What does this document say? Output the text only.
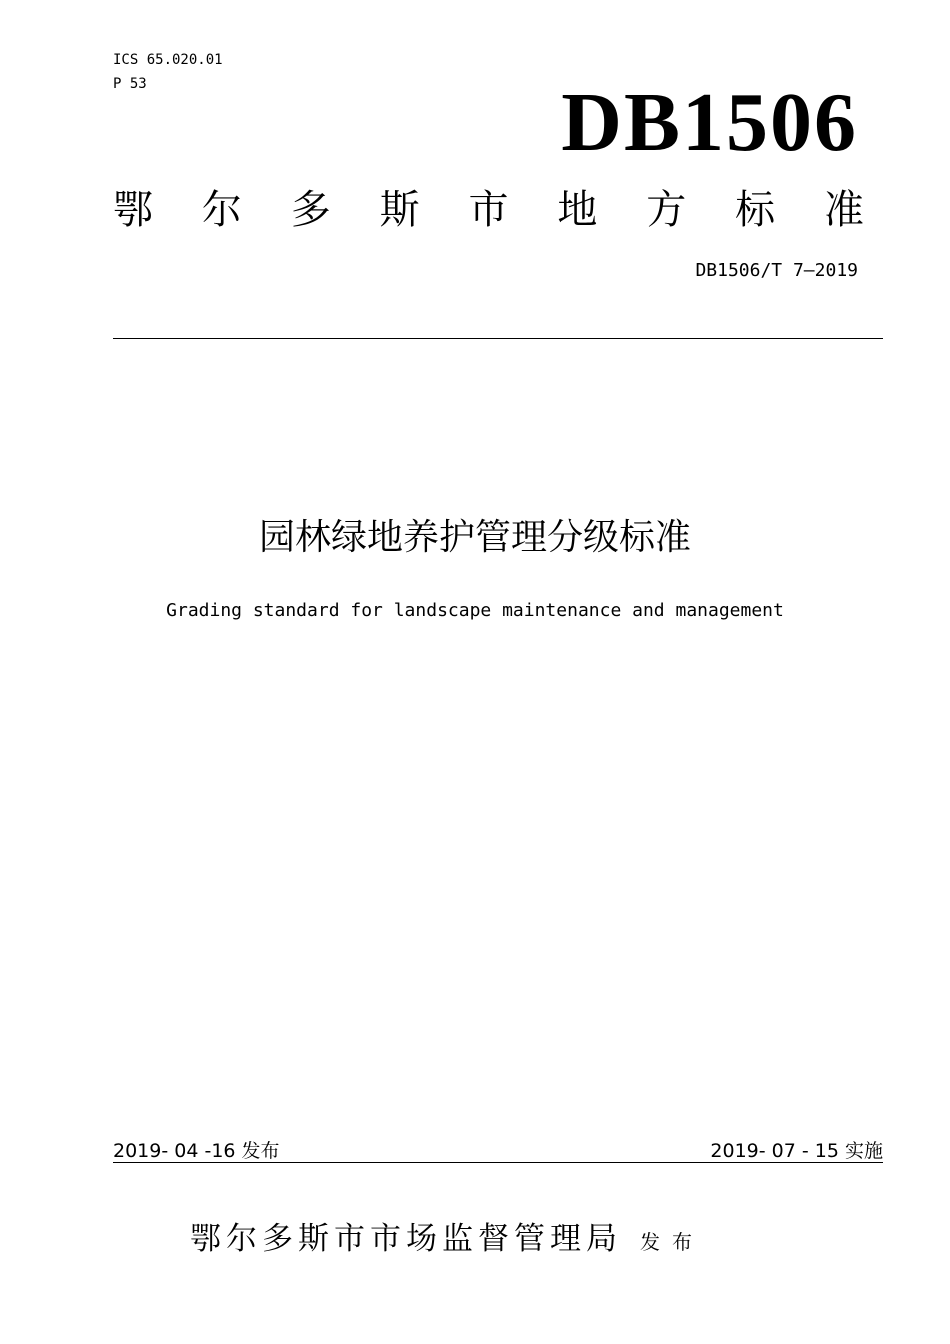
ICS 65.020.01
P 53	DB1506
鄂 尔 多 斯 市 地 方 标 准
DB1506/T 7—2019
园林绿地养护管理分级标准
Grading standard for landscape maintenance and management
2019- 04 -16 发布	2019- 07 - 15 实施
鄂尔多斯市市场监督管理局 发布
